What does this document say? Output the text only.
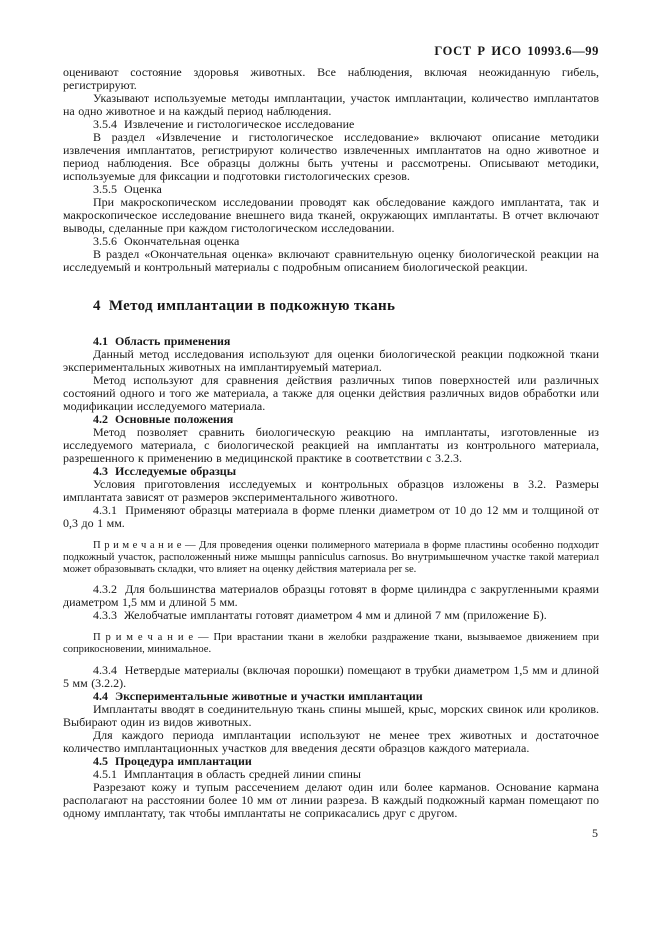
ГОСТ Р ИСО 10993.6—99

оценивают состояние здоровья животных. Все наблюдения, включая неожиданную гибель, регистрируют.

Указывают используемые методы имплантации, участок имплантации, количество имплантатов на одно животное и на каждый период наблюдения.

3.5.4  Извлечение и гистологическое исследование

В раздел «Извлечение и гистологическое исследование» включают описание методики извлечения имплантатов, регистрируют количество извлеченных имплантатов на одно животное и период наблюдения. Все образцы должны быть учтены и рассмотрены. Описывают методики, используемые для фиксации и подготовки гистологических срезов.

3.5.5  Оценка

При макроскопическом исследовании проводят как обследование каждого имплантата, так и макроскопическое исследование внешнего вида тканей, окружающих имплантаты. В отчет включают выводы, сделанные при каждом гистологическом исследовании.

3.5.6  Окончательная оценка

В раздел «Окончательная оценка» включают сравнительную оценку биологической реакции на исследуемый и контрольный материалы с подробным описанием биологической реакции.

4  Метод имплантации в подкожную ткань

4.1  Область применения

Данный метод исследования используют для оценки биологической реакции подкожной ткани экспериментальных животных на имплантируемый материал.

Метод используют для сравнения действия различных типов поверхностей или различных состояний одного и того же материала, а также для оценки действия различных видов обработки или модификации исследуемого материала.

4.2  Основные положения

Метод позволяет сравнить биологическую реакцию на имплантаты, изготовленные из исследуемого материала, с биологической реакцией на имплантаты из контрольного материала, разрешенного к применению в медицинской практике в соответствии с 3.2.3.

4.3  Исследуемые образцы

Условия приготовления исследуемых и контрольных образцов изложены в 3.2. Размеры имплантата зависят от размеров экспериментального животного.

4.3.1  Применяют образцы материала в форме пленки диаметром от 10 до 12 мм и толщиной от 0,3 до 1 мм.

П р и м е ч а н и е — Для проведения оценки полимерного материала в форме пластины особенно подходит подкожный участок, расположенный ниже мышцы panniculus carnosus. Во внутримышечном участке такой материал может образовывать складки, что влияет на оценку действия материала per se.

4.3.2  Для большинства материалов образцы готовят в форме цилиндра с закругленными краями диаметром 1,5 мм и длиной 5 мм.

4.3.3  Желобчатые имплантаты готовят диаметром 4 мм и длиной 7 мм (приложение Б).

П р и м е ч а н и е — При врастании ткани в желобки раздражение ткани, вызываемое движением при соприкосновении, минимальное.

4.3.4  Нетвердые материалы (включая порошки) помещают в трубки диаметром 1,5 мм и длиной 5 мм (3.2.2).

4.4  Экспериментальные животные и участки имплантации

Имплантаты вводят в соединительную ткань спины мышей, крыс, морских свинок или кроликов. Выбирают один из видов животных.

Для каждого периода имплантации используют не менее трех животных и достаточное количество имплантационных участков для введения десяти образцов каждого материала.

4.5  Процедура имплантации

4.5.1  Имплантация в область средней линии спины

Разрезают кожу и тупым рассечением делают один или более карманов. Основание кармана располагают на расстоянии более 10 мм от линии разреза. В каждый подкожный карман помещают по одному имплантату, так чтобы имплантаты не соприкасались друг с другом.

5
